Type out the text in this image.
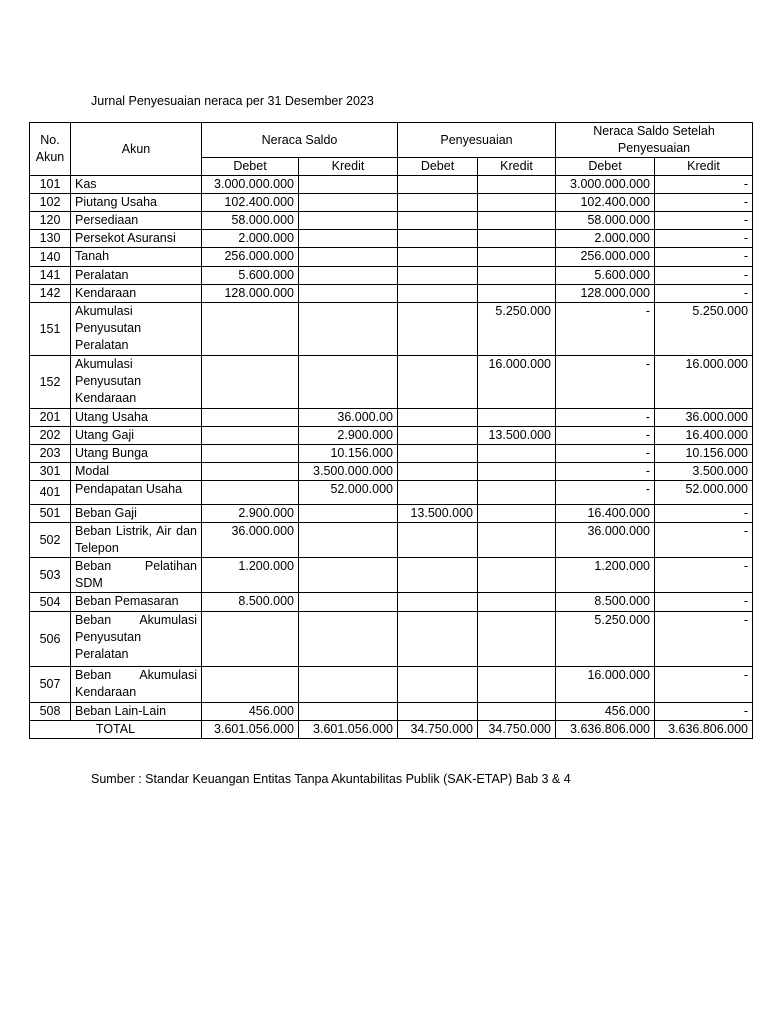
Jurnal Penyesuaian neraca per 31 Desember 2023
No. Akun	Akun	Neraca Saldo		Penyesuaian		Neraca Saldo Setelah Penyesuaian	
		Debet	Kredit	Debet	Kredit	Debet	Kredit
101	Kas	3.000.000.000				3.000.000.000	-
102	Piutang Usaha	102.400.000				102.400.000	-
120	Persediaan	58.000.000				58.000.000	-
130	Persekot Asuransi	2.000.000				2.000.000	-
140	Tanah	256.000.000				256.000.000	-
141	Peralatan	5.600.000				5.600.000	-
142	Kendaraan	128.000.000				128.000.000	-
151	Akumulasi Penyusutan Peralatan				5.250.000	-	5.250.000
152	Akumulasi Penyusutan Kendaraan				16.000.000	-	16.000.000
201	Utang Usaha		36.000.00			-	36.000.000
202	Utang Gaji		2.900.000		13.500.000	-	16.400.000
203	Utang Bunga		10.156.000			-	10.156.000
301	Modal		3.500.000.000			-	3.500.000
401	Pendapatan Usaha		52.000.000			-	52.000.000
501	Beban Gaji	2.900.000		13.500.000		16.400.000	-
502	Beban Listrik, Air dan Telepon	36.000.000				36.000.000	-
503	Beban Pelatihan SDM	1.200.000				1.200.000	-
504	Beban Pemasaran	8.500.000				8.500.000	-
506	Beban Akumulasi Penyusutan Peralatan					5.250.000	-
507	Beban Akumulasi Kendaraan					16.000.000	-
508	Beban Lain-Lain	456.000				456.000	-
TOTAL		3.601.056.000	3.601.056.000	34.750.000	34.750.000	3.636.806.000	3.636.806.000
Sumber : Standar Keuangan Entitas Tanpa Akuntabilitas Publik (SAK-ETAP) Bab 3 & 4
